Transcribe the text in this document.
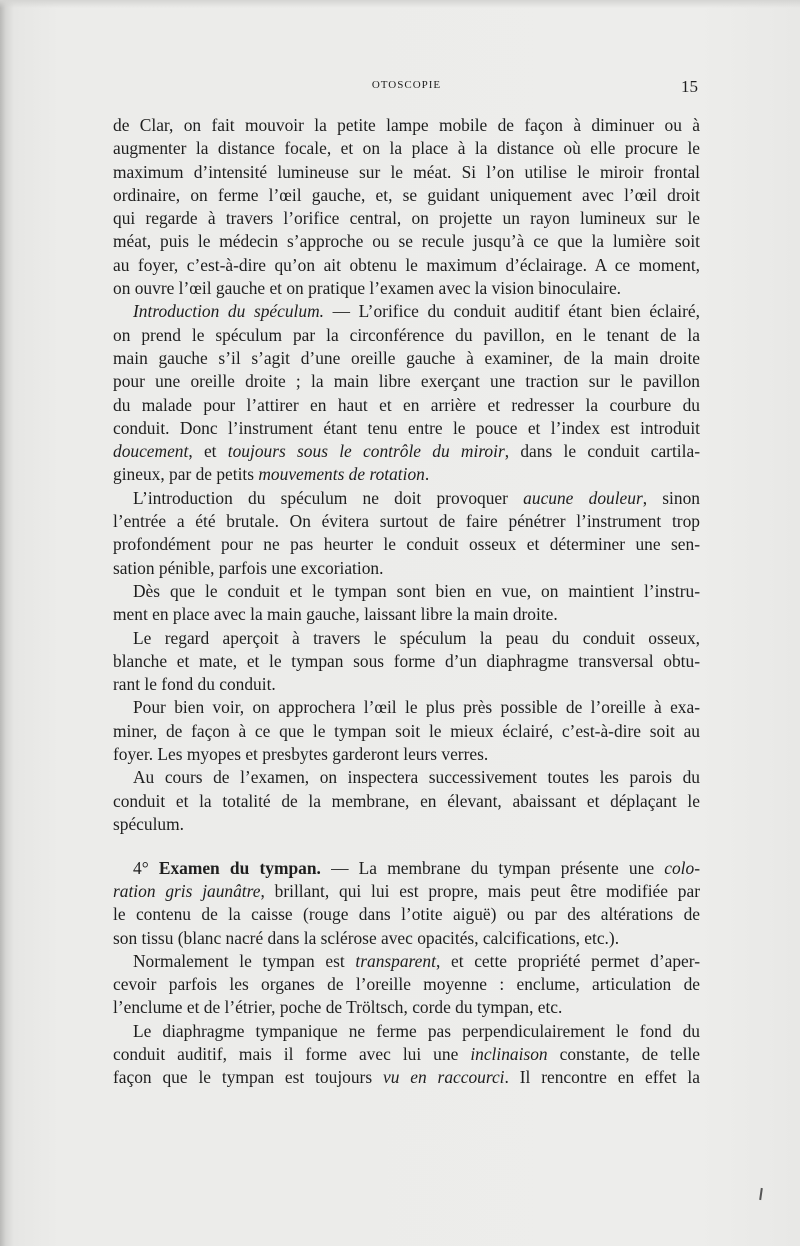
OTOSCOPIE	15
de Clar, on fait mouvoir la petite lampe mobile de façon à diminuer ou à
augmenter la distance focale, et on la place à la distance où elle procure le
maximum d’intensité lumineuse sur le méat. Si l’on utilise le miroir frontal
ordinaire, on ferme l’œil gauche, et, se guidant uniquement avec l’œil droit
qui regarde à travers l’orifice central, on projette un rayon lumineux sur le
méat, puis le médecin s’approche ou se recule jusqu’à ce que la lumière soit
au foyer, c’est-à-dire qu’on ait obtenu le maximum d’éclairage. A ce moment,
on ouvre l’œil gauche et on pratique l’examen avec la vision binoculaire.
Introduction du spéculum. — L’orifice du conduit auditif étant bien éclairé,
on prend le spéculum par la circonférence du pavillon, en le tenant de la
main gauche s’il s’agit d’une oreille gauche à examiner, de la main droite
pour une oreille droite ; la main libre exerçant une traction sur le pavillon
du malade pour l’attirer en haut et en arrière et redresser la courbure du
conduit. Donc l’instrument étant tenu entre le pouce et l’index est introduit
doucement, et toujours sous le contrôle du miroir, dans le conduit cartila-
gineux, par de petits mouvements de rotation.
L’introduction du spéculum ne doit provoquer aucune douleur, sinon
l’entrée a été brutale. On évitera surtout de faire pénétrer l’instrument trop
profondément pour ne pas heurter le conduit osseux et déterminer une sen-
sation pénible, parfois une excoriation.
Dès que le conduit et le tympan sont bien en vue, on maintient l’instru-
ment en place avec la main gauche, laissant libre la main droite.
Le regard aperçoit à travers le spéculum la peau du conduit osseux,
blanche et mate, et le tympan sous forme d’un diaphragme transversal obtu-
rant le fond du conduit.
Pour bien voir, on approchera l’œil le plus près possible de l’oreille à exa-
miner, de façon à ce que le tympan soit le mieux éclairé, c’est-à-dire soit au
foyer. Les myopes et presbytes garderont leurs verres.
Au cours de l’examen, on inspectera successivement toutes les parois du
conduit et la totalité de la membrane, en élevant, abaissant et déplaçant le
spéculum.
4° Examen du tympan. — La membrane du tympan présente une colo-
ration gris jaunâtre, brillant, qui lui est propre, mais peut être modifiée par
le contenu de la caisse (rouge dans l’otite aiguë) ou par des altérations de
son tissu (blanc nacré dans la sclérose avec opacités, calcifications, etc.).
Normalement le tympan est transparent, et cette propriété permet d’aper-
cevoir parfois les organes de l’oreille moyenne : enclume, articulation de
l’enclume et de l’étrier, poche de Tröltsch, corde du tympan, etc.
Le diaphragme tympanique ne ferme pas perpendiculairement le fond du
conduit auditif, mais il forme avec lui une inclinaison constante, de telle
façon que le tympan est toujours vu en raccourci. Il rencontre en effet la
